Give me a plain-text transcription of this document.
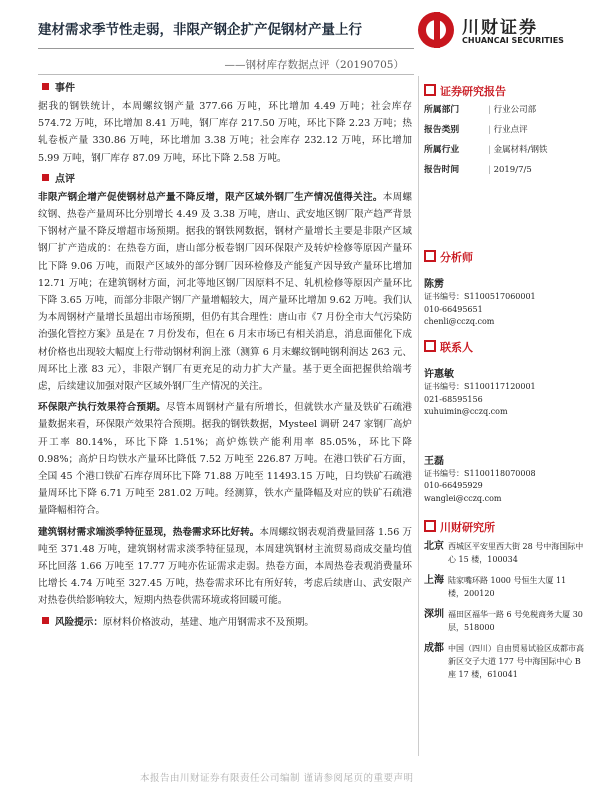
建材需求季节性走弱，非限产钢企扩产促钢材产量上行	川财证券
CHUANCAI SECURITIES
——钢材库存数据点评（20190705）
事件

据我的钢铁统计，本周螺纹钢产量 377.66 万吨，环比增加 4.49 万吨；社会库存 574.72 万吨，环比增加 8.41 万吨，钢厂库存 217.50 万吨，环比下降 2.23 万吨；热轧卷板产量 330.86 万吨，环比增加 3.38 万吨；社会库存 232.12 万吨，环比增加 5.99 万吨，钢厂库存 87.09 万吨，环比下降 2.58 万吨。

点评

非限产钢企增产促使钢材总产量不降反增，限产区域外钢厂生产情况值得关注。本周螺纹钢、热卷产量周环比分别增长 4.49 及 3.38 万吨，唐山、武安地区钢厂限产趋严背景下钢材产量不降反增超市场预期。据我的钢铁网数据，钢材产量增长主要是非限产区域钢厂扩产造成的：在热卷方面，唐山部分板卷钢厂因环保限产及转炉检修等原因产量环比下降 9.06 万吨，而限产区域外的部分钢厂因环检修及产能复产因导致产量环比增加 12.71 万吨；在建筑钢材方面，河北等地区钢厂因原料不足、轧机检修等原因产量环比下降 3.65 万吨，而部分非限产钢厂产量增幅较大，周产量环比增加 9.62 万吨。我们认为本周钢材产量增长虽超出市场预期，但仍有其合理性：唐山市《7 月份全市大气污染防治强化管控方案》虽是在 7 月份发布，但在 6 月末市场已有相关消息，消息面催化下成材价格也出现较大幅度上行带动钢材利润上涨（测算 6 月末螺纹钢吨钢利润达 263 元、周环比上涨 83 元），非限产钢厂有更充足的动力扩大产量。基于更全面把握供给端考虑，后续建议加强对限产区域外钢厂生产情况的关注。

环保限产执行效果符合预期。尽管本周钢材产量有所增长，但就铁水产量及铁矿石疏港量数据来看，环保限产效果符合预期。据我的钢铁数据，Mysteel 调研 247 家钢厂高炉开工率 80.14%，环比下降 1.51%；高炉炼铁产能利用率 85.05%，环比下降 0.98%；高炉日均铁水产量环比降低 7.52 万吨至 226.87 万吨。在港口铁矿石方面，全国 45 个港口铁矿石库存周环比下降 71.88 万吨至 11493.15 万吨，日均铁矿石疏港量周环比下降 6.71 万吨至 281.02 万吨。经测算，铁水产量降幅及对应的铁矿石疏港量降幅相符合。

建筑钢材需求端淡季特征显现，热卷需求环比好转。本周螺纹钢表观消费量回落 1.56 万吨至 371.48 万吨，建筑钢材需求淡季特征显现，本周建筑钢材主流贸易商成交量均值环比回落 1.66 万吨至 17.77 万吨亦佐证需求走弱。热卷方面，本周热卷表观消费量环比增长 4.74 万吨至 327.45 万吨，热卷需求环比有所好转，考虑后续唐山、武安限产对热卷供给影响较大，短期内热卷供需环境或将回暖可能。

风险提示：原材料价格波动，基建、地产用钢需求不及预期。

证券研究报告
所属部门	| 行业公司部
报告类别	| 行业点评
所属行业	| 金属材料/钢铁
报告时间	| 2019/7/5
分析师
陈雳
证书编号：S1100517060001
010-66495651
chenli@cczq.com
联系人
许惠敏
证书编号：S1100117120001
021-68595156
xuhuimin@cczq.com
王磊
证书编号：S1100118070008
010-66495929
wanglei@cczq.com
川财研究所
北京 西城区平安里西大街 28 号中海国际中心 15 楼，100034
上海 陆家嘴环路 1000 号恒生大厦 11 楼，200120
深圳 福田区福华一路 6 号免税商务大厦 30 层，518000
成都 中国（四川）自由贸易试验区成都市高新区交子大道 177 号中海国际中心 B 座 17 楼，610041
本报告由川财证券有限责任公司编制 谨请参阅尾页的重要声明
